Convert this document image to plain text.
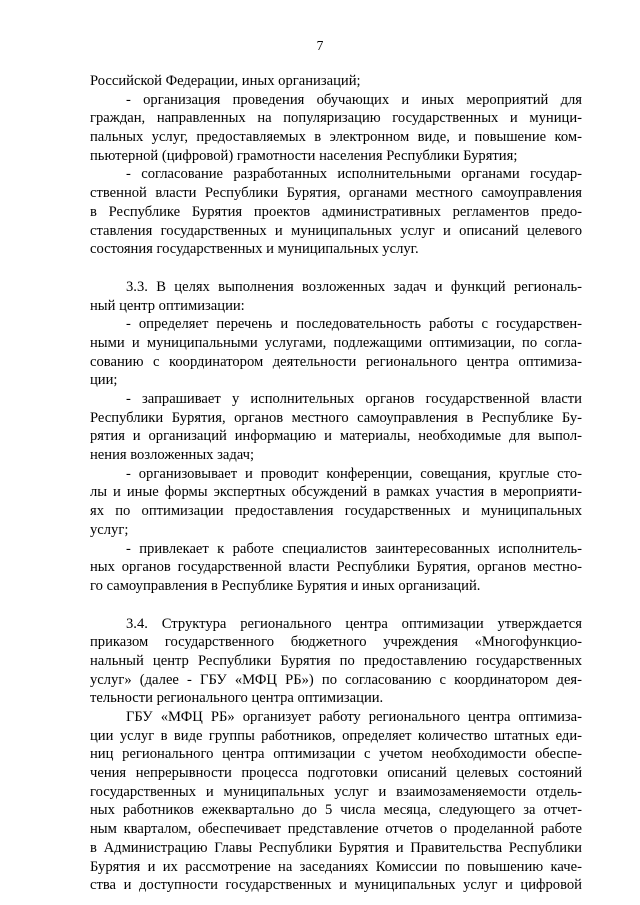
7
Российской Федерации, иных организаций;
- организация проведения обучающих и иных мероприятий для
граждан, направленных на популяризацию государственных и муници-
пальных услуг, предоставляемых в электронном виде, и повышение ком-
пьютерной (цифровой) грамотности населения Республики Бурятия;
- согласование разработанных исполнительными органами государ-
ственной власти Республики Бурятия, органами местного самоуправления
в Республике Бурятия проектов административных регламентов предо-
ставления государственных и муниципальных услуг и описаний целевого
состояния государственных и муниципальных услуг.
3.3. В целях выполнения возложенных задач и функций региональ-
ный центр оптимизации:
- определяет перечень и последовательность работы с государствен-
ными и муниципальными услугами, подлежащими оптимизации, по согла-
сованию с координатором деятельности регионального центра оптимиза-
ции;
- запрашивает у исполнительных органов государственной власти
Республики Бурятия, органов местного самоуправления в Республике Бу-
рятия и организаций информацию и материалы, необходимые для выпол-
нения возложенных задач;
- организовывает и проводит конференции, совещания, круглые сто-
лы и иные формы экспертных обсуждений в рамках участия в мероприяти-
ях по оптимизации предоставления государственных и муниципальных
услуг;
- привлекает к работе специалистов заинтересованных исполнитель-
ных органов государственной власти Республики Бурятия, органов местно-
го самоуправления в Республике Бурятия и иных организаций.
3.4. Структура регионального центра оптимизации утверждается
приказом государственного бюджетного учреждения «Многофункцио-
нальный центр Республики Бурятия по предоставлению государственных
услуг» (далее - ГБУ «МФЦ РБ») по согласованию с координатором дея-
тельности регионального центра оптимизации.
ГБУ «МФЦ РБ» организует работу регионального центра оптимиза-
ции услуг в виде группы работников, определяет количество штатных еди-
ниц регионального центра оптимизации с учетом необходимости обеспе-
чения непрерывности процесса подготовки описаний целевых состояний
государственных и муниципальных услуг и взаимозаменяемости отдель-
ных работников ежеквартально до 5 числа месяца, следующего за отчет-
ным кварталом, обеспечивает представление отчетов о проделанной работе
в Администрацию Главы Республики Бурятия и Правительства Республики
Бурятия и их рассмотрение на заседаниях Комиссии по повышению каче-
ства и доступности государственных и муниципальных услуг и цифровой
